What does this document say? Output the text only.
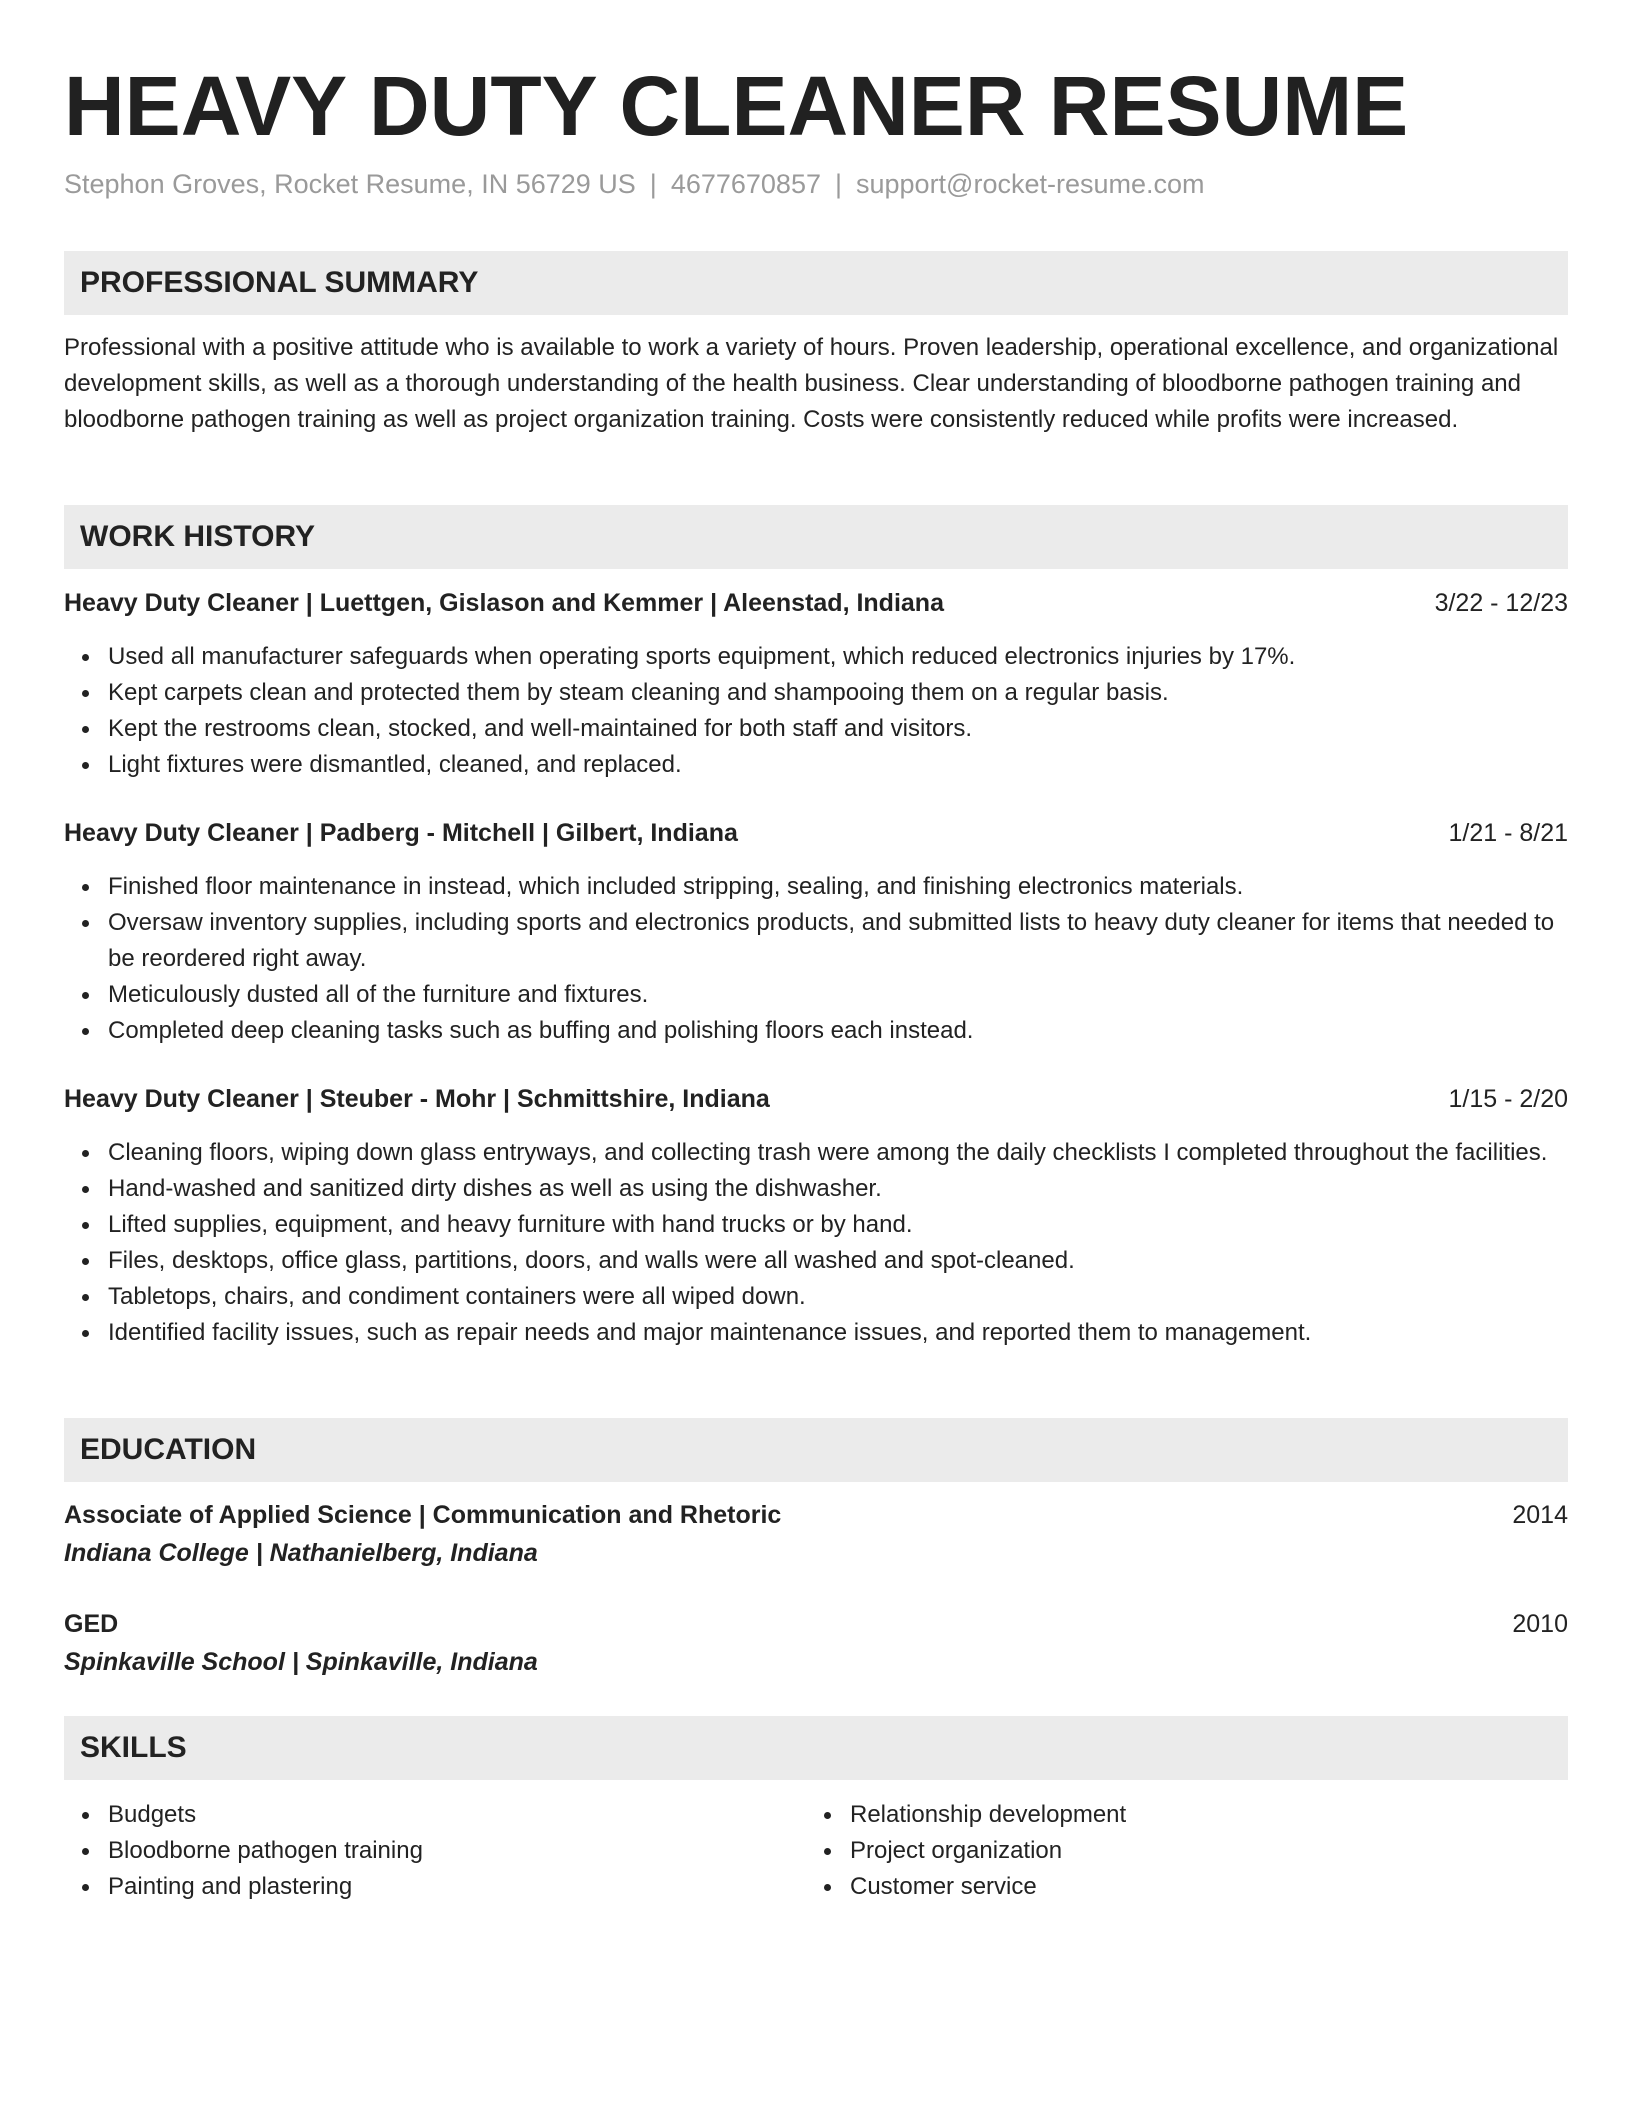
HEAVY DUTY CLEANER RESUME
Stephon Groves, Rocket Resume, IN 56729 US | 4677670857 | support@rocket-resume.com
PROFESSIONAL SUMMARY
Professional with a positive attitude who is available to work a variety of hours. Proven leadership, operational excellence, and organizational development skills, as well as a thorough understanding of the health business. Clear understanding of bloodborne pathogen training and bloodborne pathogen training as well as project organization training. Costs were consistently reduced while profits were increased.
WORK HISTORY
Heavy Duty Cleaner | Luettgen, Gislason and Kemmer | Aleenstad, Indiana	3/22 - 12/23
Used all manufacturer safeguards when operating sports equipment, which reduced electronics injuries by 17%.
Kept carpets clean and protected them by steam cleaning and shampooing them on a regular basis.
Kept the restrooms clean, stocked, and well-maintained for both staff and visitors.
Light fixtures were dismantled, cleaned, and replaced.
Heavy Duty Cleaner | Padberg - Mitchell | Gilbert, Indiana	1/21 - 8/21
Finished floor maintenance in instead, which included stripping, sealing, and finishing electronics materials.
Oversaw inventory supplies, including sports and electronics products, and submitted lists to heavy duty cleaner for items that needed to be reordered right away.
Meticulously dusted all of the furniture and fixtures.
Completed deep cleaning tasks such as buffing and polishing floors each instead.
Heavy Duty Cleaner | Steuber - Mohr | Schmittshire, Indiana	1/15 - 2/20
Cleaning floors, wiping down glass entryways, and collecting trash were among the daily checklists I completed throughout the facilities.
Hand-washed and sanitized dirty dishes as well as using the dishwasher.
Lifted supplies, equipment, and heavy furniture with hand trucks or by hand.
Files, desktops, office glass, partitions, doors, and walls were all washed and spot-cleaned.
Tabletops, chairs, and condiment containers were all wiped down.
Identified facility issues, such as repair needs and major maintenance issues, and reported them to management.
EDUCATION
Associate of Applied Science | Communication and Rhetoric	2014
Indiana College | Nathanielberg, Indiana
GED	2010
Spinkaville School | Spinkaville, Indiana
SKILLS
Budgets
Bloodborne pathogen training
Painting and plastering
Relationship development
Project organization
Customer service
